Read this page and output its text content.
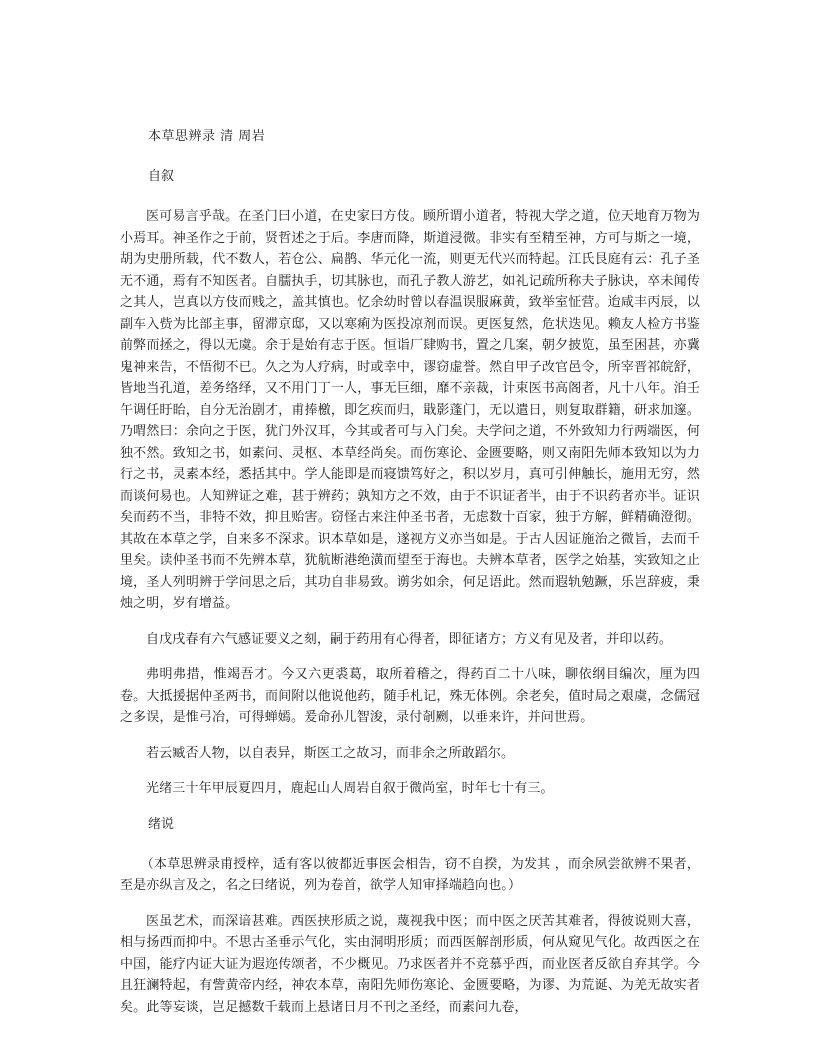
本草思辨录 清 周岩

自叙

医可易言乎哉。在圣门曰小道，在史家曰方伎。顾所谓小道者，特视大学之道，位天地育万物为小焉耳。神圣作之于前，贤哲述之于后。李唐而降，斯道浸微。非实有至精至神，方可与斯之一境，胡为史册所载，代不数人，若仓公、扁鹊、华元化一流，则更无代兴而特起。江氏艮庭有云：孔子圣无不通，焉有不知医者。自臑执手，切其脉也，而孔子教人游艺，如礼记疏所称夫子脉诀，卒未闻传之其人，岂真以方伎而贱之，盖其慎也。忆余幼时曾以春温误服麻黄，致举室怔营。迨咸丰丙辰，以副车入赀为比部主事，留滞京邸，又以寒痢为医投凉剂而误。更医复然，危状迭见。赖友人检方书鉴前弊而拯之，得以无虞。余于是始有志于医。恒诣厂肆购书，置之几案，朝夕披览，虽至困甚，亦冀鬼神来告，不悟彻不已。久之为人疗病，时或幸中，谬窃虚誉。然自甲子改官邑令，所宰晋祁皖舒，皆地当孔道，差务络绎，又不用门丁一人，事无巨细，靡不亲裁，计束医书高阁者，凡十八年。洎壬午调任盱眙，自分无治剧才，甫捧檄，即乞疾而归，戢影蓬门，无以遣日，则复取群籍，研求加邃。乃喟然曰：余向之于医，犹门外汉耳，今其或者可与入门矣。夫学问之道，不外致知力行两端医，何独不然。致知之书，如素问、灵枢、本草经尚矣。而伤寒论、金匮要略，则又南阳先师本致知以为力行之书，灵素本经，悉括其中。学人能即是而寝馈笃好之，积以岁月，真可引伸触长，施用无穷，然而谈何易也。人知辨证之难，甚于辨药；孰知方之不效，由于不识证者半，由于不识药者亦半。证识矣而药不当，非特不效，抑且贻害。窃怪古来注仲圣书者，无虑数十百家，独于方解，鲜精确澄彻。其故在本草之学，自来多不深求。识本草如是，遂视方义亦当如是。于古人因证施治之微旨，去而千里矣。读仲圣书而不先辨本草，犹航断港绝潢而望至于海也。夫辨本草者，医学之始基，实致知之止境，圣人列明辨于学问思之后，其功自非易致。谫劣如余，何足语此。然而遐轨勉蹶，乐岂辞疲，秉烛之明，岁有增益。

自戊戌春有六气感证要义之刻，嗣于药用有心得者，即征诸方；方义有见及者，并印以药。

弗明弗措，惟竭吾才。今又六更裘葛，取所着稽之，得药百二十八味，聊依纲目编次，厘为四卷。大抵援据仲圣两书，而间附以他说他药，随手札记，殊无体例。余老矣，值时局之艰虞，念儒冠之多误，是惟弓冶，可得蝉嫣。爰命孙儿智浚，录付剞劂，以垂来许，并问世焉。

若云臧否人物，以自表异，斯医工之故习，而非余之所敢蹈尔。

光绪三十年甲辰夏四月，鹿起山人周岩自叙于微尚室，时年七十有三。

绪说

（本草思辨录甫授梓，适有客以彼都近事医会相告，窃不自揆，为发其 ，而余夙尝欲辨不果者，至是亦纵言及之，名之曰绪说，列为卷首，欲学人知审择端趋向也。）

医虽艺术，而深谙甚难。西医挟形质之说，蔑视我中医；而中医之厌苦其难者，得彼说则大喜，相与扬西而抑中。不思古圣垂示气化，实由洞明形质；而西医解剖形质，何从窥见气化。故西医之在中国，能疗内证大证为遐迩传颂者，不少概见。乃求医者并不竞慕乎西，而业医者反欲自弃其学。今且狂澜特起，有訾黄帝内经，神农本草，南阳先师伤寒论、金匮要略，为谬、为荒诞、为羌无故实者矣。此等妄谈，岂足撼数千载而上悬诸日月不刊之圣经，而素问九卷，
